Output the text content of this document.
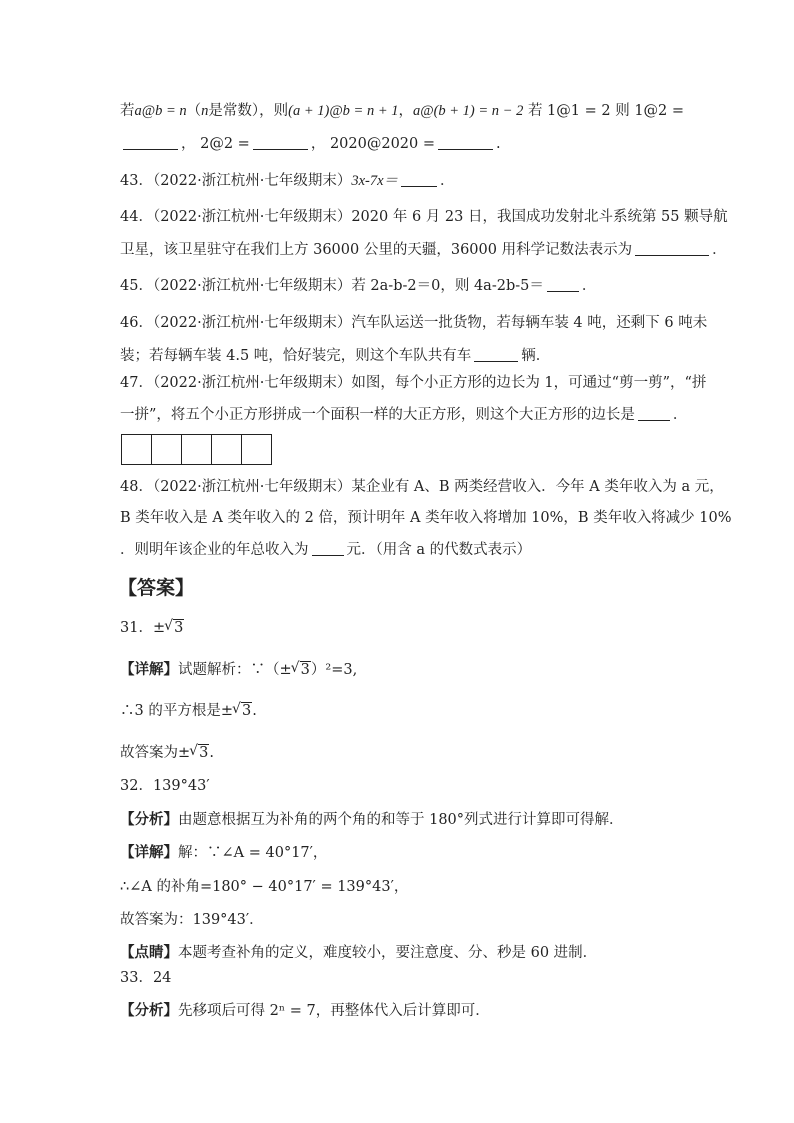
若a@b = n（n是常数），则(a + 1)@b = n + 1，a@(b + 1) = n − 2 若 1@1 = 2 则 1@2 =
， 2@2 =	， 2020@2020 =	.
43．（2022·浙江杭州·七年级期末）3x-7x＝	．
44．（2022·浙江杭州·七年级期末）2020 年 6 月 23 日，我国成功发射北斗系统第 55 颗导航
卫星，该卫星驻守在我们上方 36000 公里的天疆，36000 用科学记数法表示为	．
45．（2022·浙江杭州·七年级期末）若 2a-b-2＝0，则 4a-2b-5＝	．
46．（2022·浙江杭州·七年级期末）汽车队运送一批货物，若每辆车装 4 吨，还剩下 6 吨未
装；若每辆车装 4.5 吨，恰好装完，则这个车队共有车	辆．
47．（2022·浙江杭州·七年级期末）如图，每个小正方形的边长为 1，可通过“剪一剪”，“拼
一拼”，将五个小正方形拼成一个面积一样的大正方形，则这个大正方形的边长是	．
48．（2022·浙江杭州·七年级期末）某企业有 A、B 两类经营收入．今年 A 类年收入为 a 元，
B 类年收入是 A 类年收入的 2 倍，预计明年 A 类年收入将增加 10%，B 类年收入将减少 10%
．则明年该企业的年总收入为	元．（用含 a 的代数式表示）
【答案】
31．± √ 3
【详解】试题解析：∵（± √ 3）²=3,
∴3 的平方根是± √ 3.
故答案为± √ 3.
32．139°43′
【分析】由题意根据互为补角的两个角的和等于 180°列式进行计算即可得解．
【详解】解：∵∠A = 40°17′，
∴∠A 的补角=180° − 40°17′ = 139°43′，
故答案为：139°43′．
【点睛】本题考查补角的定义，难度较小，要注意度、分、秒是 60 进制．
33．24
【分析】先移项后可得 2ⁿ = 7，再整体代入后计算即可．
